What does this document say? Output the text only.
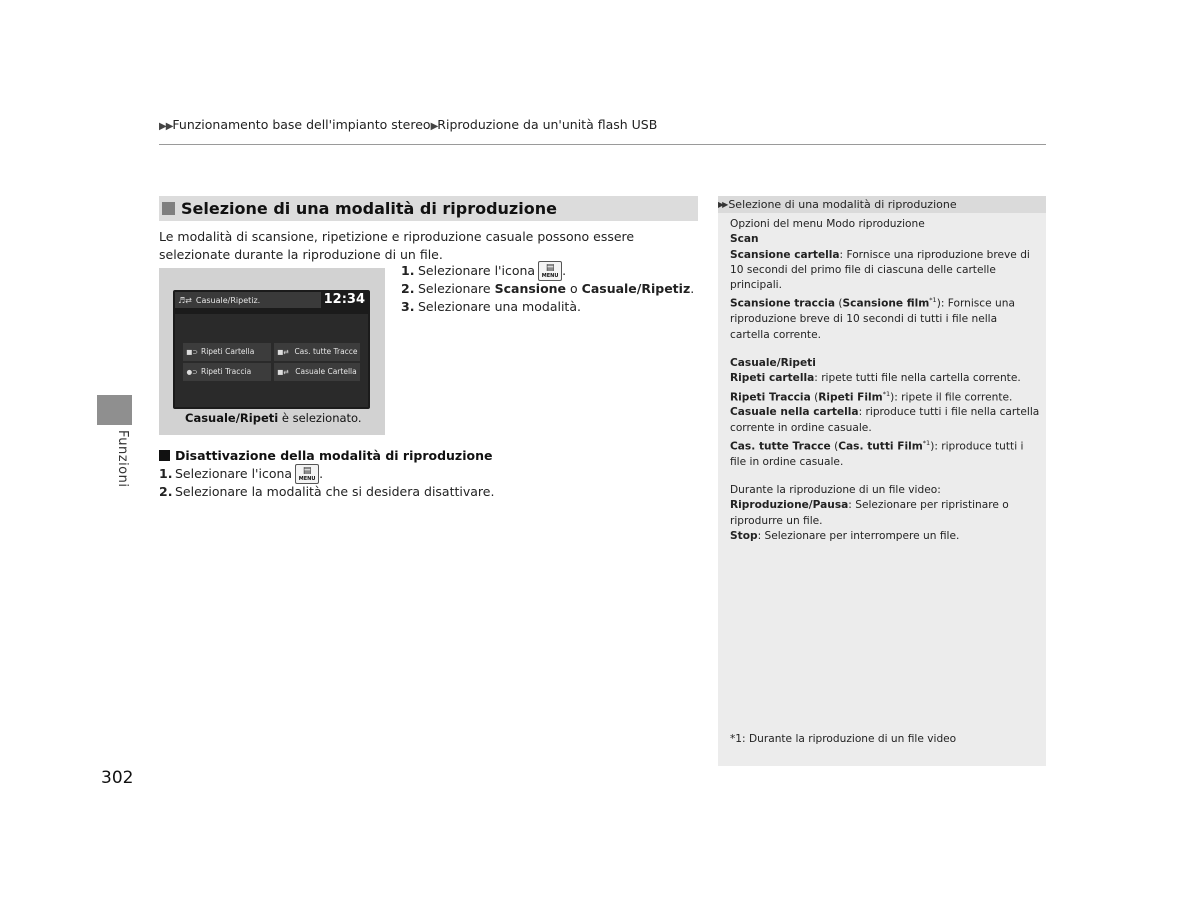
▶▶Funzionamento base dell'impianto stereo▶Riproduzione da un'unità flash USB
Funzioni
Selezione di una modalità di riproduzione
Le modalità di scansione, ripetizione e riproduzione casuale possono essere selezionate durante la riproduzione di un file.
♬⇄ Casuale/Ripetiz.	12:34
■⊃ Ripeti Cartella	■⇄ Cas. tutte Tracce
●⊃ Ripeti Traccia	■⇄ Casuale Cartella
Casuale/Ripeti è selezionato.
1. Selezionare l'icona ▤
MENU .
2. Selezionare Scansione o Casuale/Ripetiz .
3. Selezionare una modalità.
Disattivazione della modalità di riproduzione
1. Selezionare l'icona ▤
MENU .
2. Selezionare la modalità che si desidera disattivare.
302
▶▶ Selezione di una modalità di riproduzione

Opzioni del menu Modo riproduzione

Scan

Scansione cartella: Fornisce una riproduzione breve di 10 secondi del primo file di ciascuna delle cartelle principali.

Scansione traccia (Scansione film$^{*1}$): Fornisce una riproduzione breve di 10 secondi di tutti i file nella cartella corrente.

Casuale/Ripeti

Ripeti cartella: ripete tutti file nella cartella corrente.

Ripeti Traccia (Ripeti Film$^{*1}$): ripete il file corrente.

Casuale nella cartella: riproduce tutti i file nella cartella corrente in ordine casuale.

Cas. tutte Tracce (Cas. tutti Film$^{*1}$): riproduce tutti i file in ordine casuale.

Durante la riproduzione di un file video:

Riproduzione/Pausa: Selezionare per ripristinare o riprodurre un file.

Stop: Selezionare per interrompere un file.

*1: Durante la riproduzione di un file video
